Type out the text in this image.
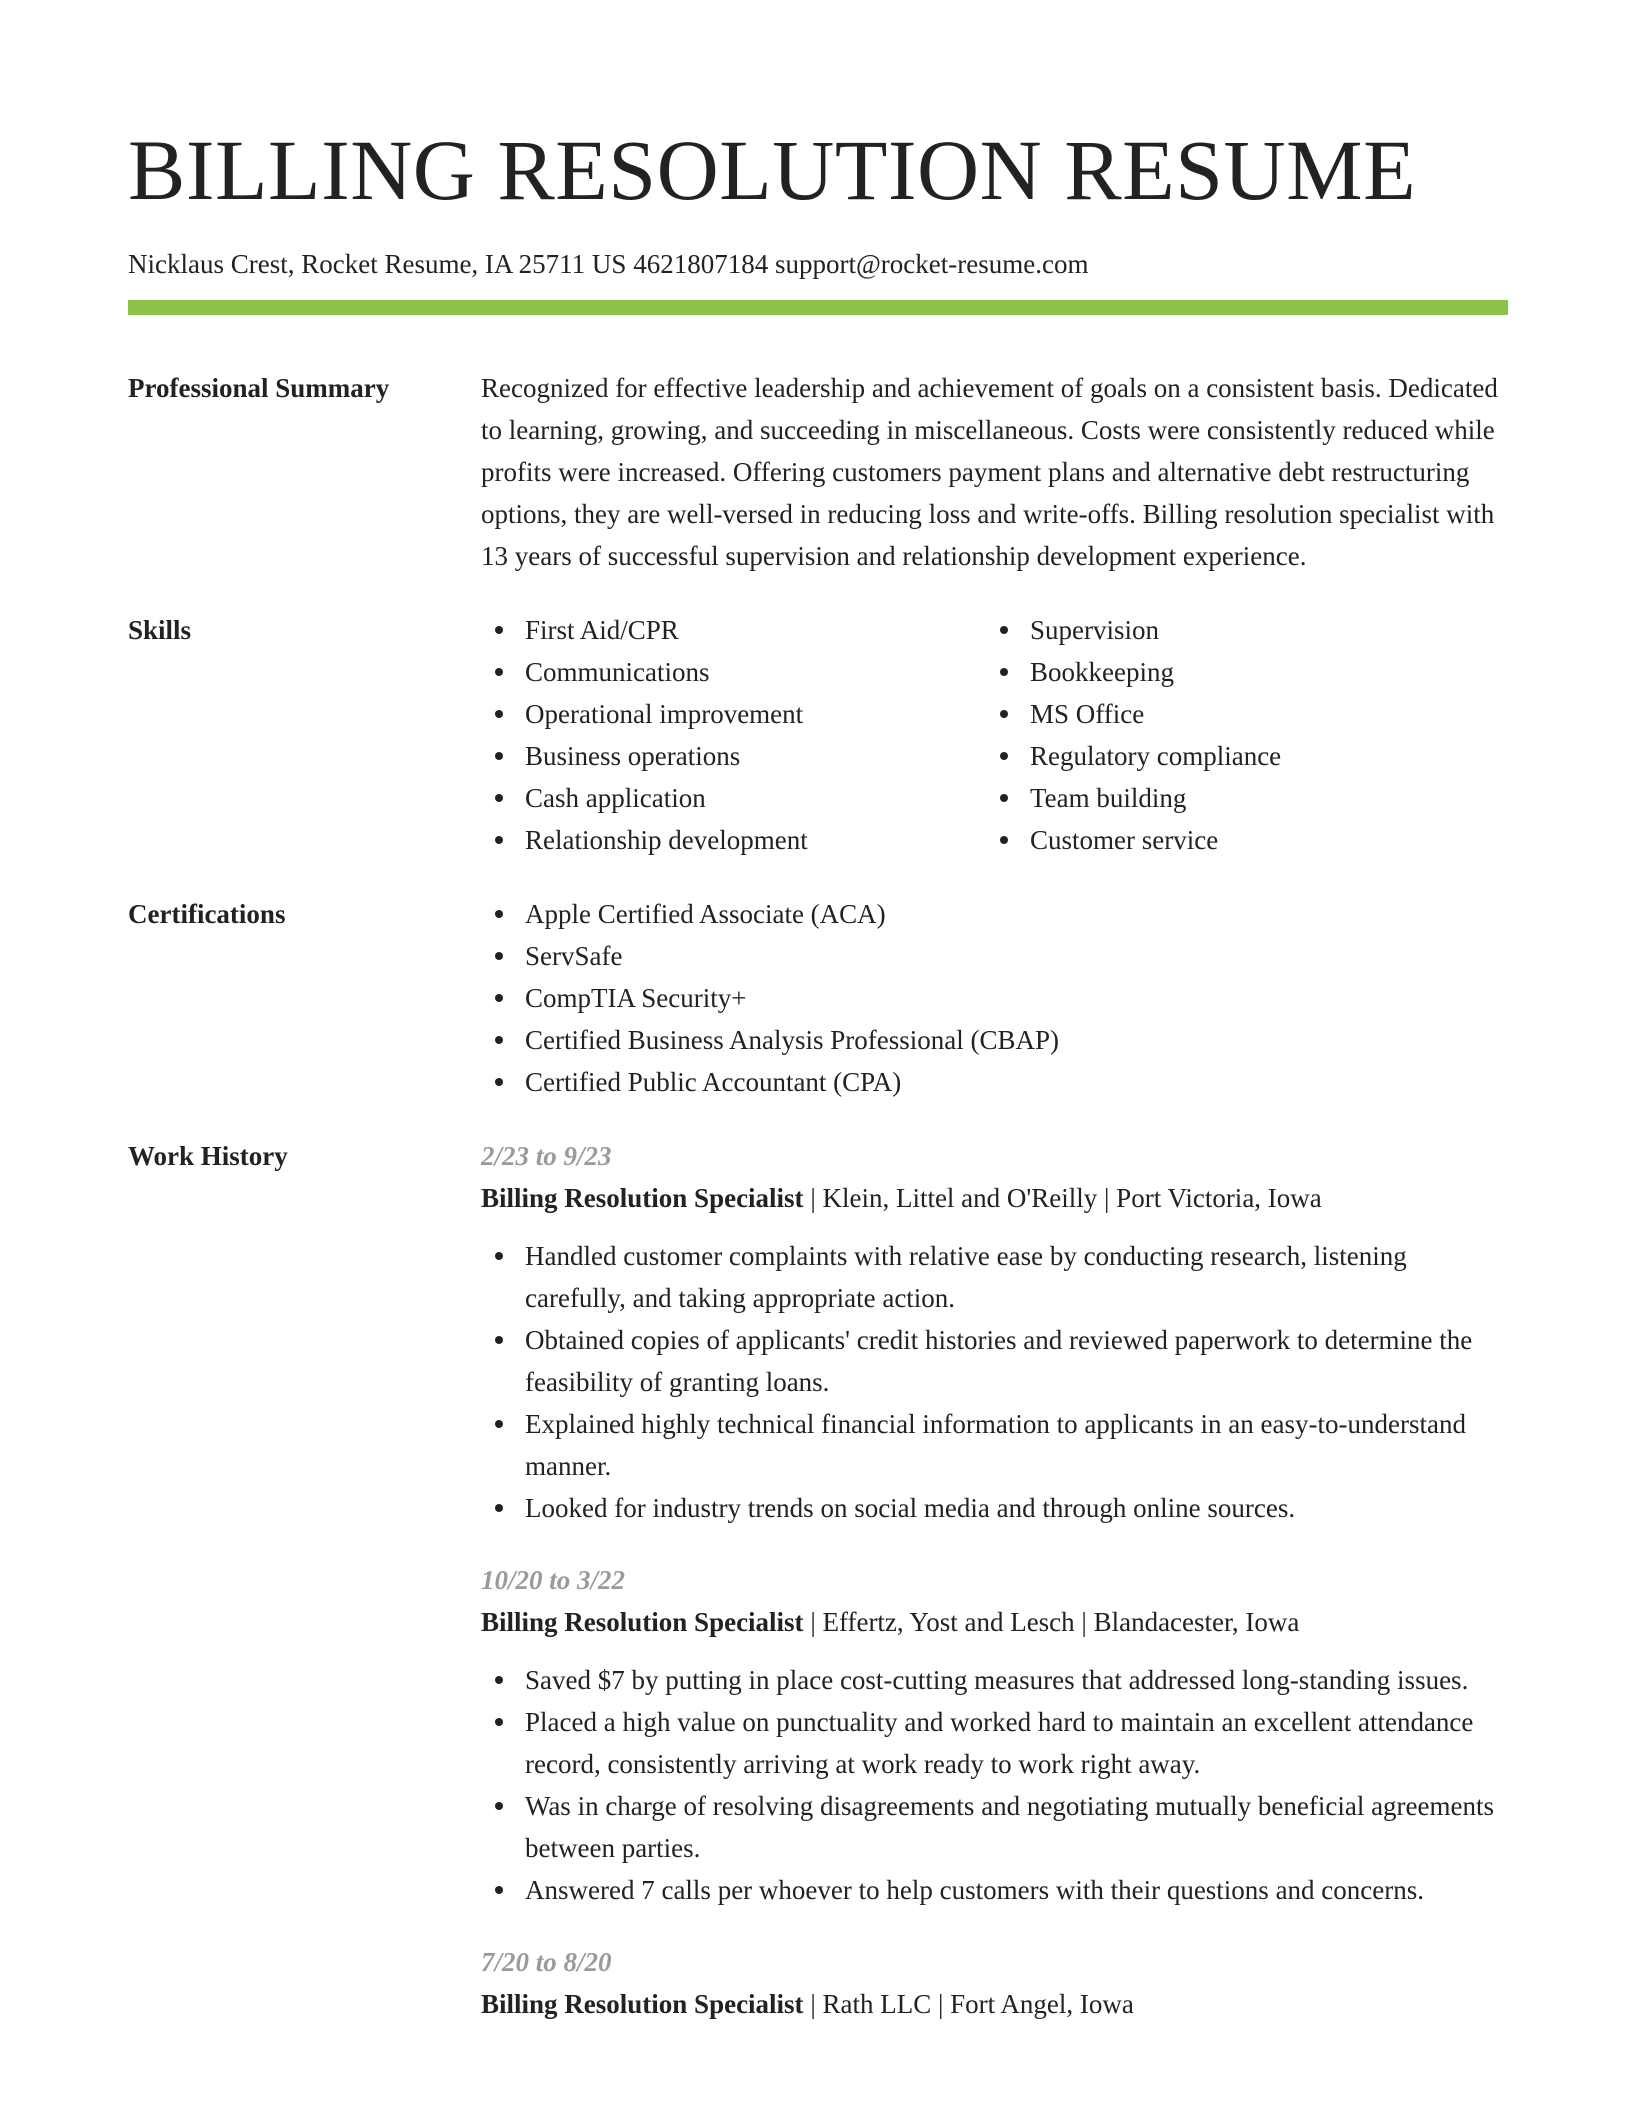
BILLING RESOLUTION RESUME
Nicklaus Crest, Rocket Resume, IA 25711 US 4621807184 support@rocket-resume.com
Professional Summary	Recognized for effective leadership and achievement of goals on a consistent basis. Dedicated to learning, growing, and succeeding in miscellaneous. Costs were consistently reduced while profits were increased. Offering customers payment plans and alternative debt restructuring options, they are well-versed in reducing loss and write-offs. Billing resolution specialist with 13 years of successful supervision and relationship development experience.
Skills	First Aid/CPR
Communications
Operational improvement
Business operations
Cash application
Relationship development
Supervision
Bookkeeping
MS Office
Regulatory compliance
Team building
Customer service
Certifications	Apple Certified Associate (ACA)
ServSafe
CompTIA Security+
Certified Business Analysis Professional (CBAP)
Certified Public Accountant (CPA)
Work History	2/23 to 9/23
Billing Resolution Specialist | Klein, Littel and O'Reilly | Port Victoria, Iowa
Handled customer complaints with relative ease by conducting research, listening carefully, and taking appropriate action.
Obtained copies of applicants' credit histories and reviewed paperwork to determine the feasibility of granting loans.
Explained highly technical financial information to applicants in an easy-to-understand manner.
Looked for industry trends on social media and through online sources.
10/20 to 3/22
Billing Resolution Specialist | Effertz, Yost and Lesch | Blandacester, Iowa
Saved $7 by putting in place cost-cutting measures that addressed long-standing issues.
Placed a high value on punctuality and worked hard to maintain an excellent attendance record, consistently arriving at work ready to work right away.
Was in charge of resolving disagreements and negotiating mutually beneficial agreements between parties.
Answered 7 calls per whoever to help customers with their questions and concerns.
7/20 to 8/20
Billing Resolution Specialist | Rath LLC | Fort Angel, Iowa
